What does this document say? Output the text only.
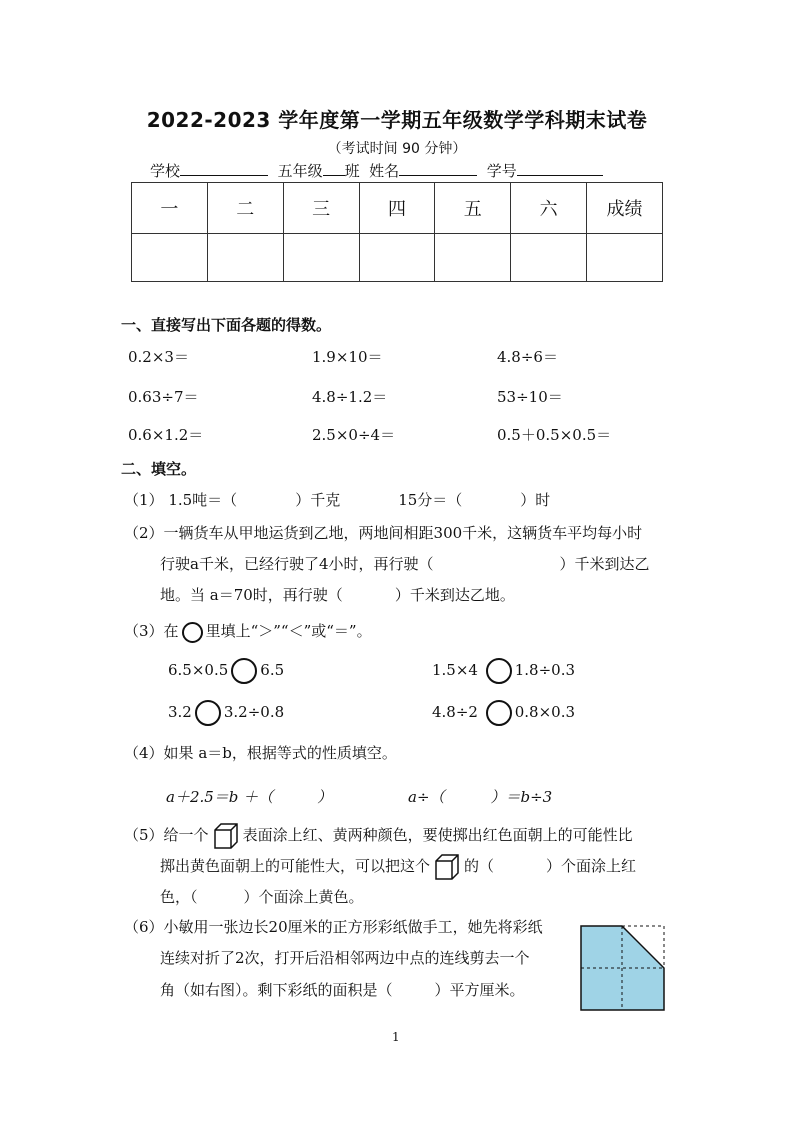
2022-2023 学年度第一学期五年级数学学科期末试卷
（考试时间 90 分钟）
学校	五年级 班 姓名	学号
一	二	三	四	五	六	成绩

一、直接写出下面各题的得数。
0.2×3＝	1.9×10＝	4.8÷6＝
0.63÷7＝	4.8÷1.2＝	53÷10＝
0.6×1.2＝	2.5×0÷4＝	0.5＋0.5×0.5＝
二、填空。
（1） 1.5吨＝（	）千克	15分＝（	）时
（2）一辆货车从甲地运货到乙地，两地间相距300千米，这辆货车平均每小时
行驶a千米，已经行驶了4小时，再行驶（	）千米到达乙
地。当 a＝70时，再行驶（	）千米到达乙地。
（3）在 里填上“＞”“＜”或“＝”。
6.5×0.5 6.5	1.5×4 1.8÷0.3
3.2 3.2÷0.8	4.8÷2 0.8×0.3
（4）如果 a＝b，根据等式的性质填空。
a＋2.5＝b ＋（	）	a÷（	）＝b÷3
（5）给一个 表面涂上红、黄两种颜色，要使掷出红色面朝上的可能性比
掷出黄色面朝上的可能性大，可以把这个 的（	）个面涂上红
色，（	）个面涂上黄色。
（6）小敏用一张边长20厘米的正方形彩纸做手工，她先将彩纸
连续对折了2次，打开后沿相邻两边中点的连线剪去一个
角（如右图）。剩下彩纸的面积是（	）平方厘米。
1
